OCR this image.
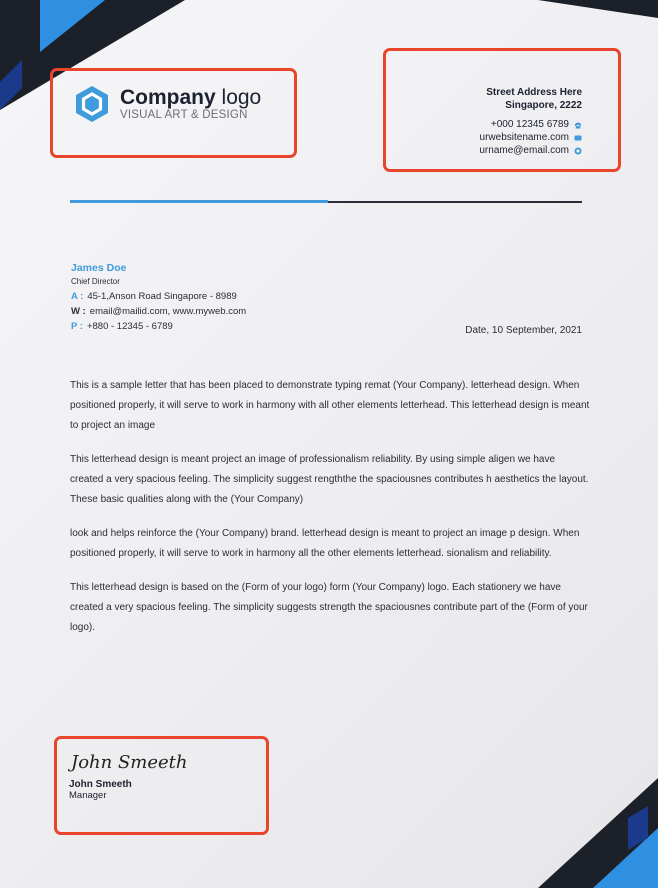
Company logo
VISUAL ART & DESIGN
Street Address Here
Singapore, 2222
+000 12345 6789
urwebsitename.com
urname@email.com
James Doe
Chief Director
A : 45-1,Anson Road Singapore - 8989
W : email@mailid.com, www.myweb.com
P : +880 - 12345 - 6789	Date, 10 September, 2021

This is a sample letter that has been placed to demonstrate typing remat (Your Company). letterhead design. When positioned properly, it will serve to work in harmony with all other elements letterhead. This letterhead design is meant to project an image

This letterhead design is meant project an image of professionalism reliability. By using simple aligen we have created a very spacious feeling. The simplicity suggest rengththe the spaciousnes contributes h aesthetics the layout. These basic qualities along with the (Your Company)

look and helps reinforce the (Your Company) brand. letterhead design is meant to project an image p design. When positioned properly, it will serve to work in harmony all the other elements letterhead. sionalism and reliability.

This letterhead design is based on the (Form of your logo) form (Your Company) logo. Each stationery we have created a very spacious feeling. The simplicity suggests strength the spaciousnes contribute part of the (Form of your logo).

John Smeeth
John Smeeth
Manager
